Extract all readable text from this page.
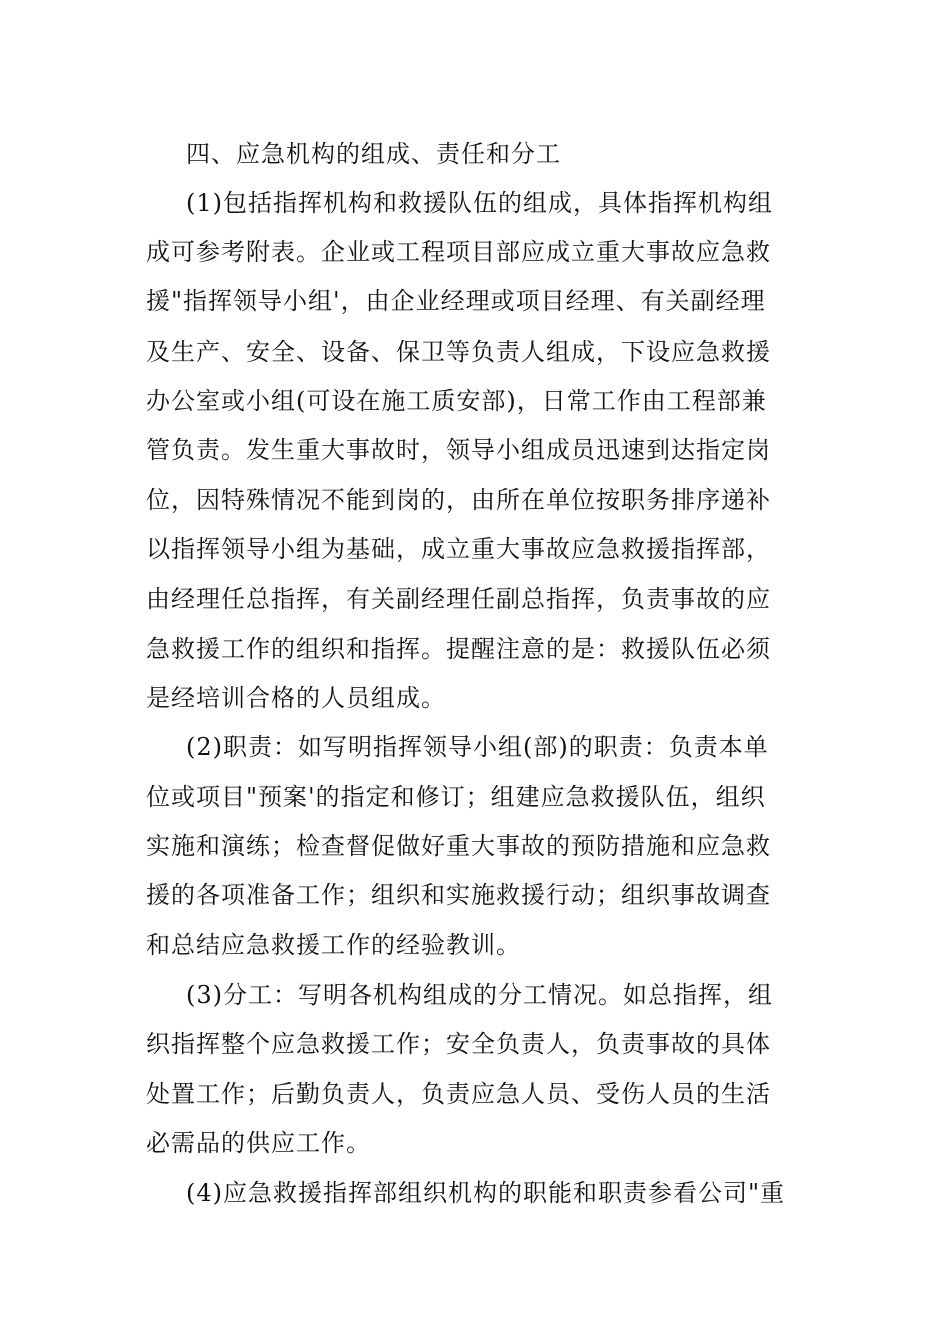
四、应急机构的组成、责任和分工
(1)包括指挥机构和救援队伍的组成，具体指挥机构组
成可参考附表。企业或工程项目部应成立重大事故应急救
援"指挥领导小组'，由企业经理或项目经理、有关副经理
及生产、安全、设备、保卫等负责人组成，下设应急救援
办公室或小组(可设在施工质安部)，日常工作由工程部兼
管负责。发生重大事故时，领导小组成员迅速到达指定岗
位，因特殊情况不能到岗的，由所在单位按职务排序递补
以指挥领导小组为基础，成立重大事故应急救援指挥部，
由经理任总指挥，有关副经理任副总指挥，负责事故的应
急救援工作的组织和指挥。提醒注意的是：救援队伍必须
是经培训合格的人员组成。
(2)职责：如写明指挥领导小组(部)的职责：负责本单
位或项目"预案'的指定和修订；组建应急救援队伍，组织
实施和演练；检查督促做好重大事故的预防措施和应急救
援的各项准备工作；组织和实施救援行动；组织事故调查
和总结应急救援工作的经验教训。
(3)分工：写明各机构组成的分工情况。如总指挥，组
织指挥整个应急救援工作；安全负责人，负责事故的具体
处置工作；后勤负责人，负责应急人员、受伤人员的生活
必需品的供应工作。
(4)应急救援指挥部组织机构的职能和职责参看公司"重
